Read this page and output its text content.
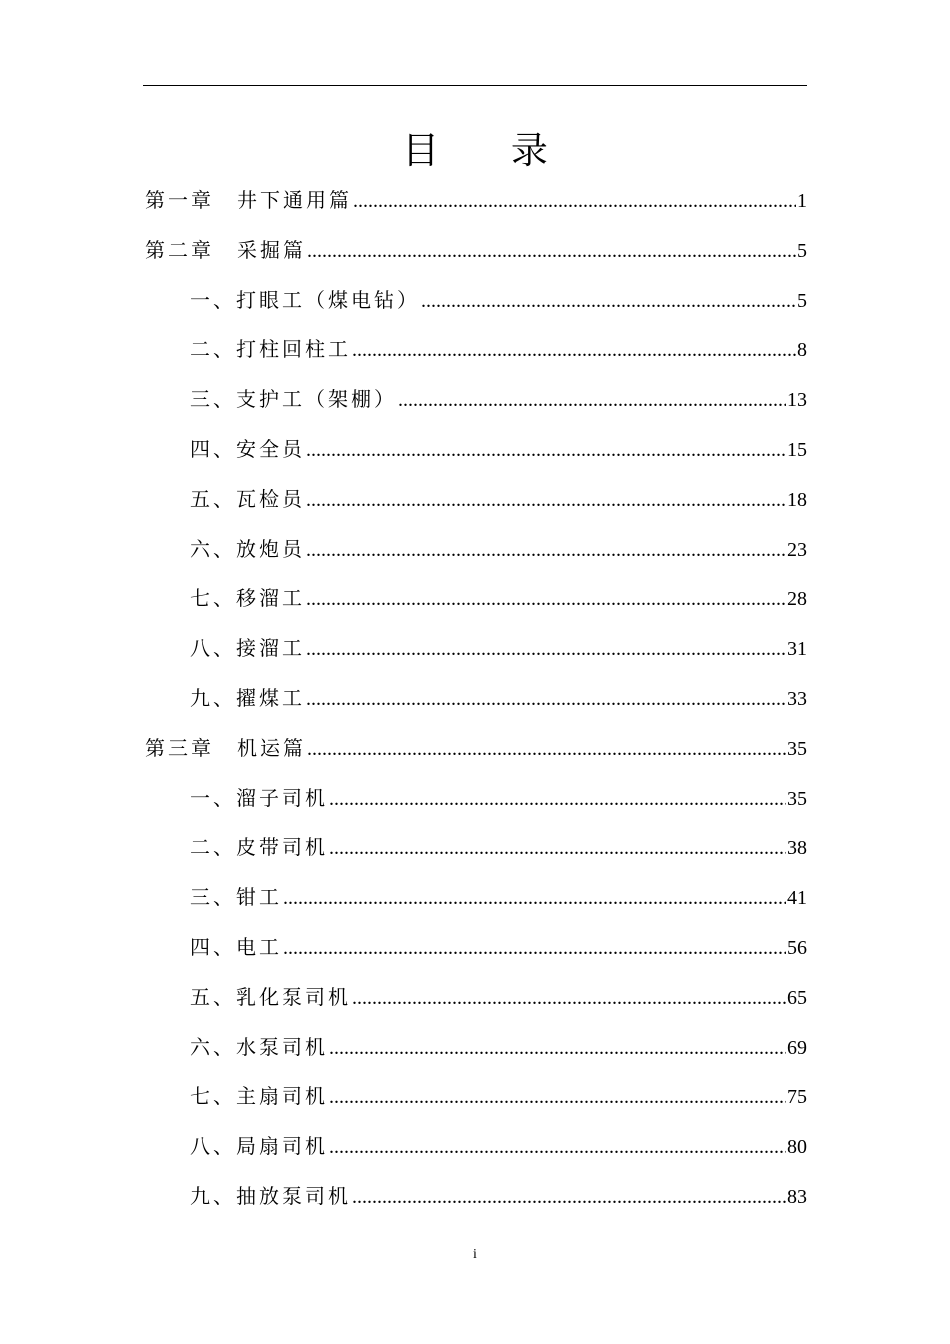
目 录
第一章　井下通用篇 .....	1
第二章　采掘篇 .....	5
一、打眼工（煤电钻） .....	5
二、打柱回柱工 .....	8
三、支护工（架棚） .....	13
四、安全员 .....	15
五、瓦检员 .....	18
六、放炮员 .....	23
七、移溜工 .....	28
八、接溜工 .....	31
九、擢煤工 .....	33
第三章　机运篇 .....	35
一、溜子司机 .....	35
二、皮带司机 .....	38
三、钳工 .....	41
四、电工 .....	56
五、乳化泵司机 .....	65
六、水泵司机 .....	69
七、主扇司机 .....	75
八、局扇司机 .....	80
九、抽放泵司机 .....	83
i
